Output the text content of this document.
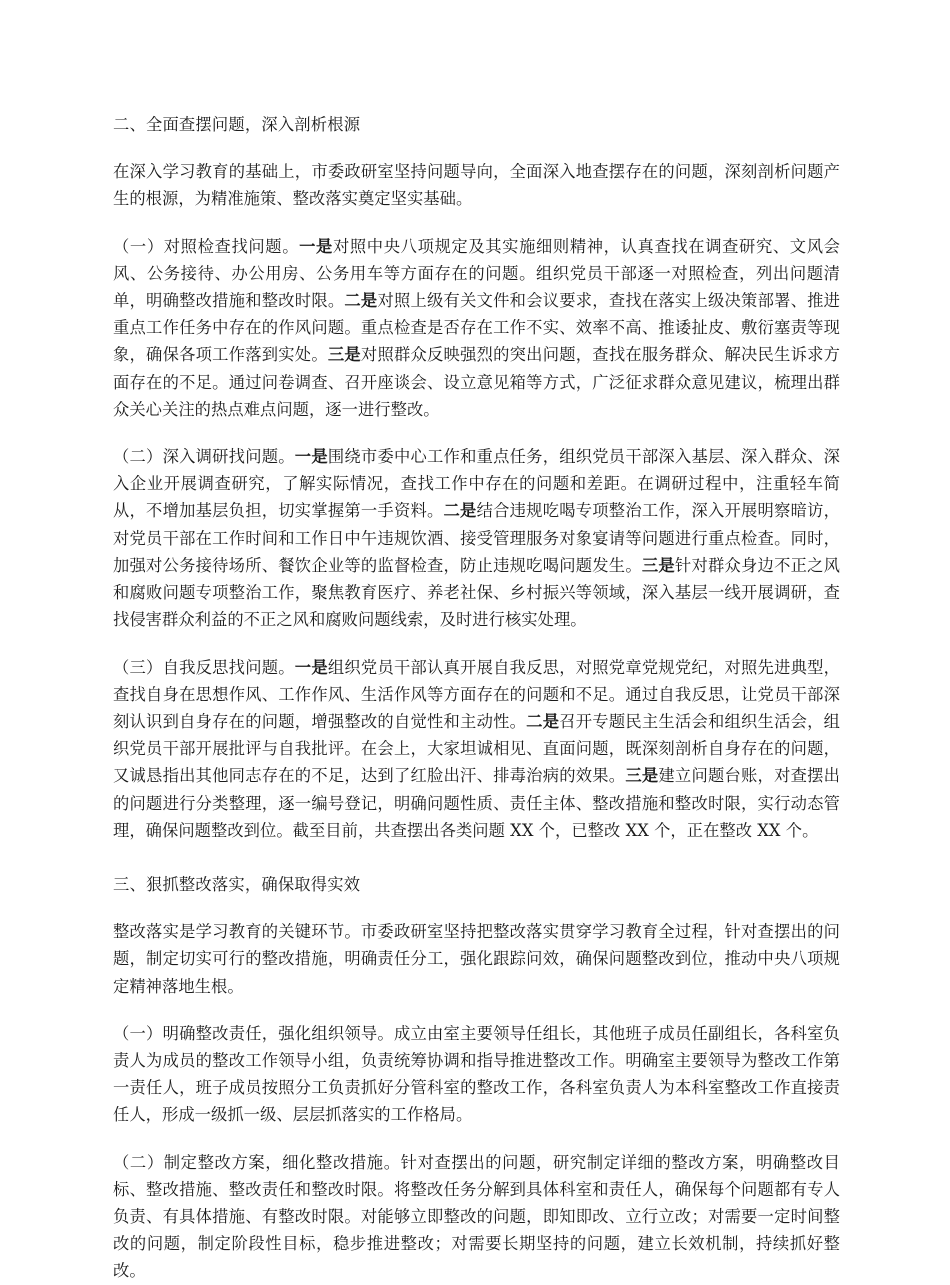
二、全面查摆问题，深入剖析根源

在深入学习教育的基础上，市委政研室坚持问题导向，全面深入地查摆存在的问题，深刻剖析问题产生的根源，为精准施策、整改落实奠定坚实基础。

（一）对照检查找问题。一是对照中央八项规定及其实施细则精神，认真查找在调查研究、文风会风、公务接待、办公用房、公务用车等方面存在的问题。组织党员干部逐一对照检查，列出问题清单，明确整改措施和整改时限。二是对照上级有关文件和会议要求，查找在落实上级决策部署、推进重点工作任务中存在的作风问题。重点检查是否存在工作不实、效率不高、推诿扯皮、敷衍塞责等现象，确保各项工作落到实处。三是对照群众反映强烈的突出问题，查找在服务群众、解决民生诉求方面存在的不足。通过问卷调查、召开座谈会、设立意见箱等方式，广泛征求群众意见建议，梳理出群众关心关注的热点难点问题，逐一进行整改。

（二）深入调研找问题。一是围绕市委中心工作和重点任务，组织党员干部深入基层、深入群众、深入企业开展调查研究，了解实际情况，查找工作中存在的问题和差距。在调研过程中，注重轻车简从，不增加基层负担，切实掌握第一手资料。二是结合违规吃喝专项整治工作，深入开展明察暗访，对党员干部在工作时间和工作日中午违规饮酒、接受管理服务对象宴请等问题进行重点检查。同时，加强对公务接待场所、餐饮企业等的监督检查，防止违规吃喝问题发生。三是针对群众身边不正之风和腐败问题专项整治工作，聚焦教育医疗、养老社保、乡村振兴等领域，深入基层一线开展调研，查找侵害群众利益的不正之风和腐败问题线索，及时进行核实处理。

（三）自我反思找问题。一是组织党员干部认真开展自我反思，对照党章党规党纪，对照先进典型，查找自身在思想作风、工作作风、生活作风等方面存在的问题和不足。通过自我反思，让党员干部深刻认识到自身存在的问题，增强整改的自觉性和主动性。二是召开专题民主生活会和组织生活会，组织党员干部开展批评与自我批评。在会上，大家坦诚相见、直面问题，既深刻剖析自身存在的问题，又诚恳指出其他同志存在的不足，达到了红脸出汗、排毒治病的效果。三是建立问题台账，对查摆出的问题进行分类整理，逐一编号登记，明确问题性质、责任主体、整改措施和整改时限，实行动态管理，确保问题整改到位。截至目前，共查摆出各类问题 XX 个，已整改 XX 个，正在整改 XX 个。

三、狠抓整改落实，确保取得实效

整改落实是学习教育的关键环节。市委政研室坚持把整改落实贯穿学习教育全过程，针对查摆出的问题，制定切实可行的整改措施，明确责任分工，强化跟踪问效，确保问题整改到位，推动中央八项规定精神落地生根。

（一）明确整改责任，强化组织领导。成立由室主要领导任组长，其他班子成员任副组长，各科室负责人为成员的整改工作领导小组，负责统筹协调和指导推进整改工作。明确室主要领导为整改工作第一责任人，班子成员按照分工负责抓好分管科室的整改工作，各科室负责人为本科室整改工作直接责任人，形成一级抓一级、层层抓落实的工作格局。

（二）制定整改方案，细化整改措施。针对查摆出的问题，研究制定详细的整改方案，明确整改目标、整改措施、整改责任和整改时限。将整改任务分解到具体科室和责任人，确保每个问题都有专人负责、有具体措施、有整改时限。对能够立即整改的问题，即知即改、立行立改；对需要一定时间整改的问题，制定阶段性目标，稳步推进整改；对需要长期坚持的问题，建立长效机制，持续抓好整改。
